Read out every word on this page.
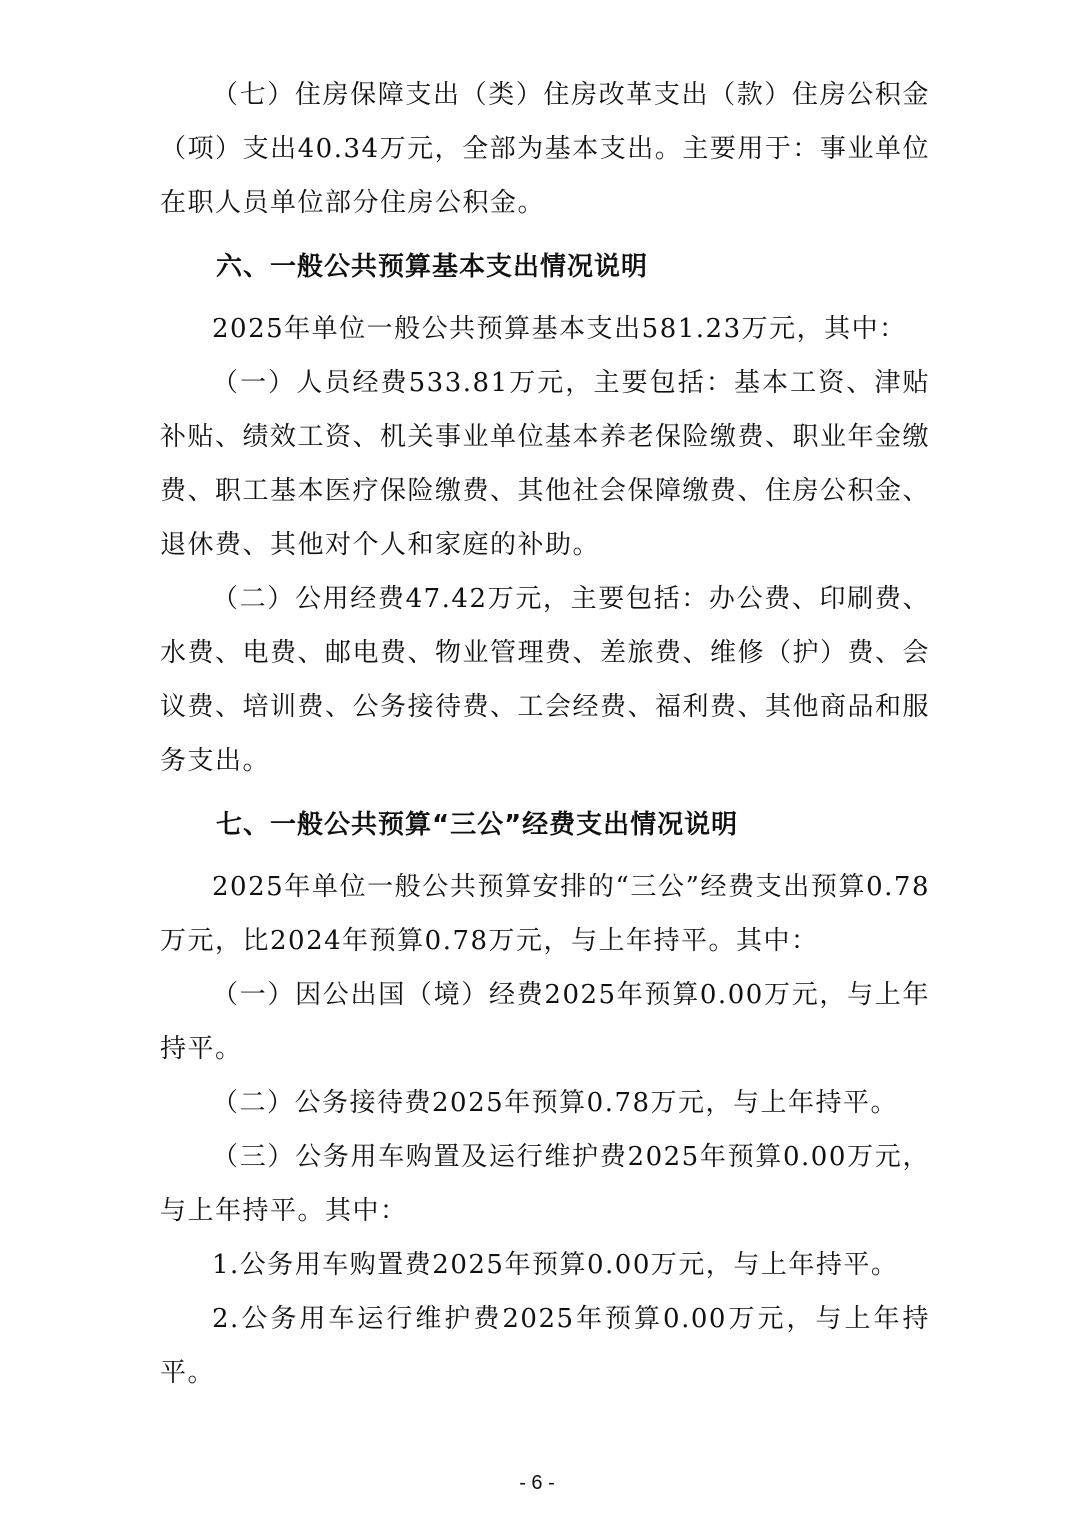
（七）住房保障支出（类）住房改革支出（款）住房公积金（项）支出40.34万元，全部为基本支出。主要用于：事业单位在职人员单位部分住房公积金。

六、一般公共预算基本支出情况说明

2025年单位一般公共预算基本支出581.23万元，其中：

（一）人员经费533.81万元，主要包括：基本工资、津贴补贴、绩效工资、机关事业单位基本养老保险缴费、职业年金缴费、职工基本医疗保险缴费、其他社会保障缴费、住房公积金、退休费、其他对个人和家庭的补助。

（二）公用经费47.42万元，主要包括：办公费、印刷费、水费、电费、邮电费、物业管理费、差旅费、维修（护）费、会议费、培训费、公务接待费、工会经费、福利费、其他商品和服务支出。

七、一般公共预算“三公”经费支出情况说明

2025年单位一般公共预算安排的“三公”经费支出预算0.78万元，比2024年预算0.78万元，与上年持平。其中：

（一）因公出国（境）经费2025年预算0.00万元，与上年持平。

（二）公务接待费2025年预算0.78万元，与上年持平。

（三）公务用车购置及运行维护费2025年预算0.00万元，与上年持平。其中：

1.公务用车购置费2025年预算0.00万元，与上年持平。

2.公务用车运行维护费2025年预算0.00万元，与上年持平。

- 6 -
